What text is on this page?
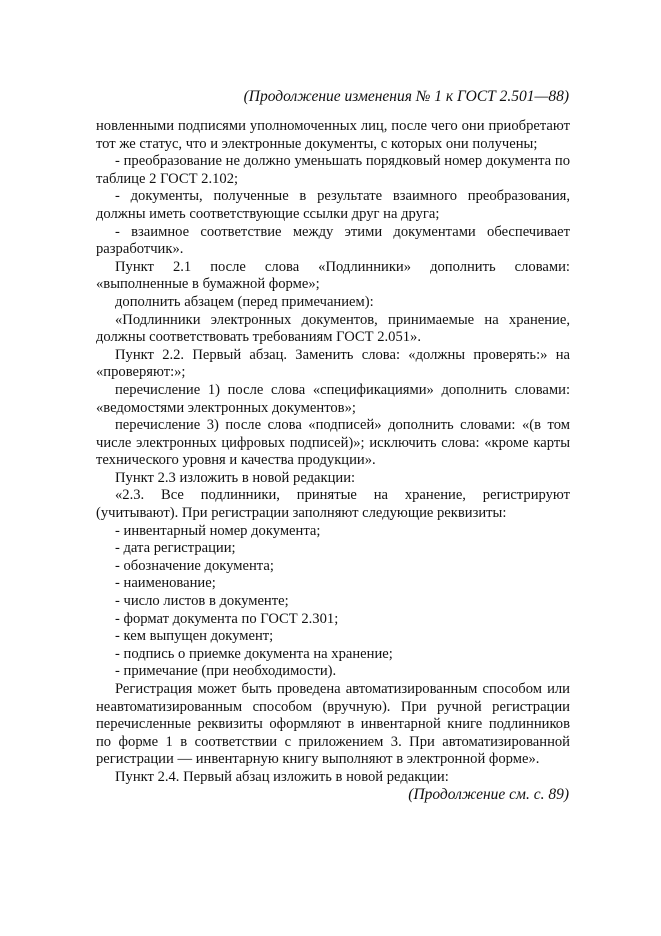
(Продолжение изменения № 1 к ГОСТ 2.501—88)

новленными подписями уполномоченных лиц, после чего они приобретают тот же статус, что и электронные документы, с которых они получены;

- преобразование не должно уменьшать порядковый номер документа по таблице 2 ГОСТ 2.102;

- документы, полученные в результате взаимного преобразования, должны иметь соответствующие ссылки друг на друга;

- взаимное соответствие между этими документами обеспечивает разработчик».

Пункт 2.1 после слова «Подлинники» дополнить словами: «выполненные в бумажной форме»;

дополнить абзацем (перед примечанием):

«Подлинники электронных документов, принимаемые на хранение, должны соответствовать требованиям ГОСТ 2.051».

Пункт 2.2. Первый абзац. Заменить слова: «должны проверять:» на «проверяют:»;

перечисление 1) после слова «спецификациями» дополнить словами: «ведомостями электронных документов»;

перечисление 3) после слова «подписей» дополнить словами: «(в том числе электронных цифровых подписей)»; исключить слова: «кроме карты технического уровня и качества продукции».

Пункт 2.3 изложить в новой редакции:

«2.3. Все подлинники, принятые на хранение, регистрируют (учитывают). При регистрации заполняют следующие реквизиты:

- инвентарный номер документа;

- дата регистрации;

- обозначение документа;

- наименование;

- число листов в документе;

- формат документа по ГОСТ 2.301;

- кем выпущен документ;

- подпись о приемке документа на хранение;

- примечание (при необходимости).

Регистрация может быть проведена автоматизированным способом или неавтоматизированным способом (вручную). При ручной регистрации перечисленные реквизиты оформляют в инвентарной книге подлинников по форме 1 в соответствии с приложением 3. При автоматизированной регистрации — инвентарную книгу выполняют в электронной форме».

Пункт 2.4. Первый абзац изложить в новой редакции:

(Продолжение см. с. 89)
